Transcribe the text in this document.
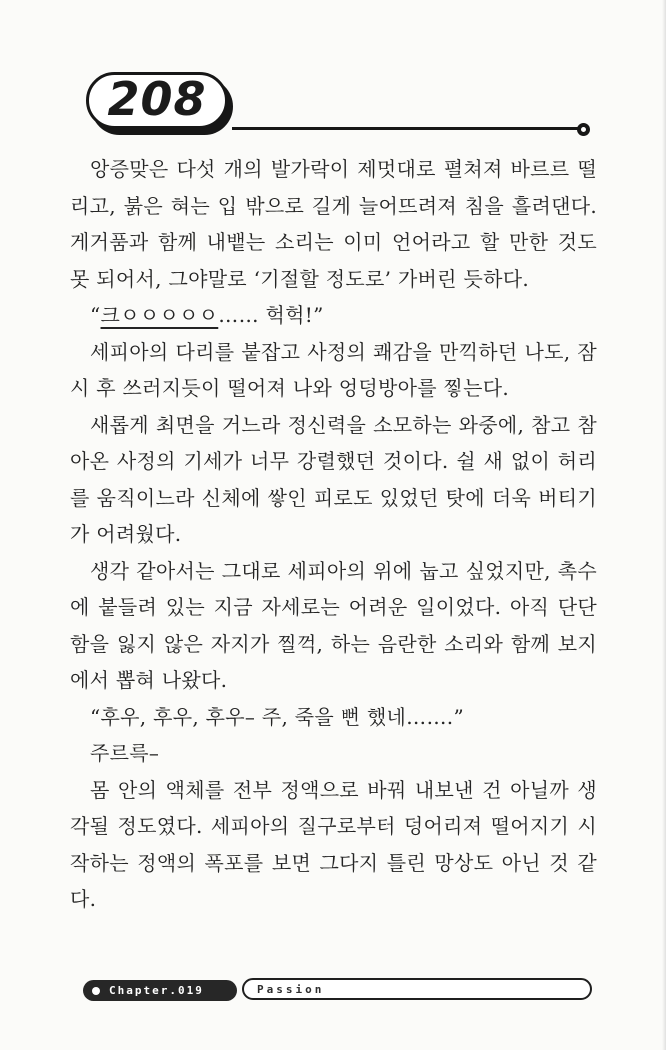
208

앙증맞은 다섯 개의 발가락이 제멋대로 펼쳐져 바르르 떨리고, 붉은 혀는 입 밖으로 길게 늘어뜨려져 침을 흘려댄다. 게거품과 함께 내뱉는 소리는 이미 언어라고 할 만한 것도 못 되어서, 그야말로 ‘기절할 정도로’ 가버린 듯하다.

“크ㅇㅇㅇㅇㅇ…… 헉헉!”

세피아의 다리를 붙잡고 사정의 쾌감을 만끽하던 나도, 잠시 후 쓰러지듯이 떨어져 나와 엉덩방아를 찧는다.

새롭게 최면을 거느라 정신력을 소모하는 와중에, 참고 참아온 사정의 기세가 너무 강렬했던 것이다. 쉴 새 없이 허리를 움직이느라 신체에 쌓인 피로도 있었던 탓에 더욱 버티기가 어려웠다.

생각 같아서는 그대로 세피아의 위에 눕고 싶었지만, 촉수에 붙들려 있는 지금 자세로는 어려운 일이었다. 아직 단단함을 잃지 않은 자지가 찔꺽, 하는 음란한 소리와 함께 보지에서 뽑혀 나왔다.

“후우, 후우, 후우– 주, 죽을 뻔 했네…….”

주르륵–

몸 안의 액체를 전부 정액으로 바꿔 내보낸 건 아닐까 생각될 정도였다. 세피아의 질구로부터 덩어리져 떨어지기 시작하는 정액의 폭포를 보면 그다지 틀린 망상도 아닌 것 같다.

Chapter.019	Passion
